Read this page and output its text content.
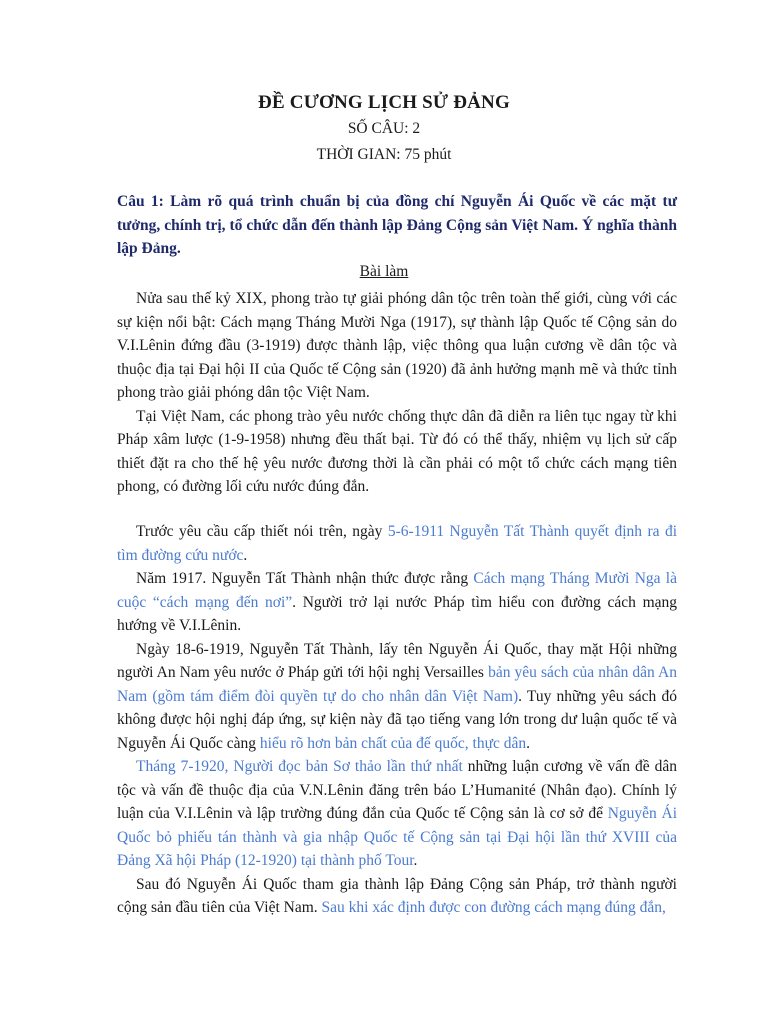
ĐỀ CƯƠNG LỊCH SỬ ĐẢNG
SỐ CÂU: 2
THỜI GIAN: 75 phút
Câu 1: Làm rõ quá trình chuẩn bị của đồng chí Nguyễn Ái Quốc về các mặt tư tưởng, chính trị, tổ chức dẫn đến thành lập Đảng Cộng sản Việt Nam. Ý nghĩa thành lập Đảng.
Bài làm

Nửa sau thế kỷ XIX, phong trào tự giải phóng dân tộc trên toàn thế giới, cùng với các sự kiện nổi bật: Cách mạng Tháng Mười Nga (1917), sự thành lập Quốc tế Cộng sản do V.I.Lênin đứng đầu (3-1919) được thành lập, việc thông qua luận cương về dân tộc và thuộc địa tại Đại hội II của Quốc tế Cộng sản (1920) đã ảnh hưởng mạnh mẽ và thức tỉnh phong trào giải phóng dân tộc Việt Nam.

Tại Việt Nam, các phong trào yêu nước chống thực dân đã diễn ra liên tục ngay từ khi Pháp xâm lược (1-9-1958) nhưng đều thất bại. Từ đó có thể thấy, nhiệm vụ lịch sử cấp thiết đặt ra cho thế hệ yêu nước đương thời là cần phải có một tổ chức cách mạng tiên phong, có đường lối cứu nước đúng đắn.

Trước yêu cầu cấp thiết nói trên, ngày 5-6-1911 Nguyễn Tất Thành quyết định ra đi tìm đường cứu nước.

Năm 1917. Nguyễn Tất Thành nhận thức được rằng Cách mạng Tháng Mười Nga là cuộc “cách mạng đến nơi”. Người trở lại nước Pháp tìm hiểu con đường cách mạng hướng về V.I.Lênin.

Ngày 18-6-1919, Nguyễn Tất Thành, lấy tên Nguyễn Ái Quốc, thay mặt Hội những người An Nam yêu nước ở Pháp gửi tới hội nghị Versailles bản yêu sách của nhân dân An Nam (gồm tám điểm đòi quyền tự do cho nhân dân Việt Nam). Tuy những yêu sách đó không được hội nghị đáp ứng, sự kiện này đã tạo tiếng vang lớn trong dư luận quốc tế và Nguyễn Ái Quốc càng hiểu rõ hơn bản chất của đế quốc, thực dân.

Tháng 7-1920, Người đọc bản Sơ thảo lần thứ nhất những luận cương về vấn đề dân tộc và vấn đề thuộc địa của V.N.Lênin đăng trên báo L’Humanité (Nhân đạo). Chính lý luận của V.I.Lênin và lập trường đúng đắn của Quốc tế Cộng sản là cơ sở để Nguyễn Ái Quốc bỏ phiếu tán thành và gia nhập Quốc tế Cộng sản tại Đại hội lần thứ XVIII của Đảng Xã hội Pháp (12-1920) tại thành phố Tour.

Sau đó Nguyễn Ái Quốc tham gia thành lập Đảng Cộng sản Pháp, trở thành người cộng sản đầu tiên của Việt Nam. Sau khi xác định được con đường cách mạng đúng đắn,
